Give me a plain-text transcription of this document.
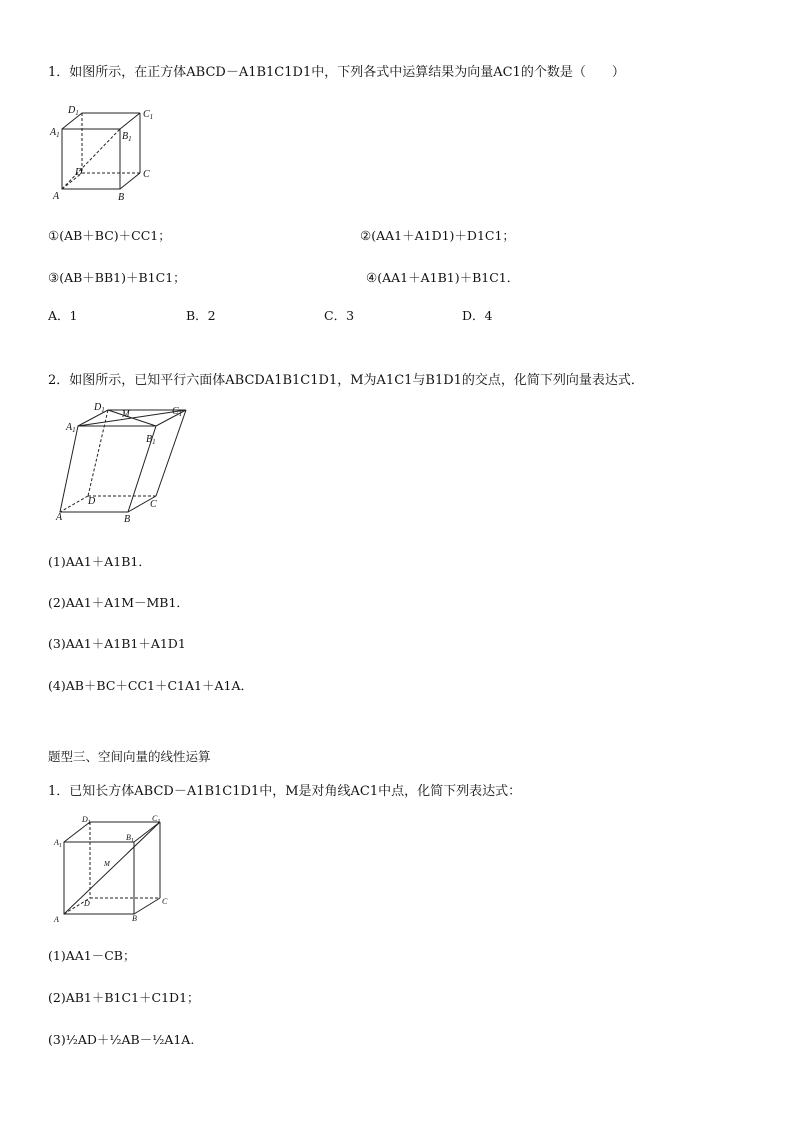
1．如图所示，在正方体ABCD－A1B1C1D1中，下列各式中运算结果为向量AC1的个数是（　　）
$D_1$	$C_1$
$A_1$	$B_1$
D	C
A	B
①(AB＋BC)＋CC1；	②(AA1＋A1D1)＋D1C1；
③(AB＋BB1)＋B1C1；	④(AA1＋A1B1)＋B1C1．
A．1	B．2	C．3	D．4
2．如图所示，已知平行六面体ABCDA1B1C1D1，M为A1C1与B1D1的交点，化简下列向量表达式．
$D_1$ M	$C_1$
$A_1$
$B_1$
D	C
A	B
(1)AA1＋A1B1．
(2)AA1＋A1M－MB1．
(3)AA1＋A1B1＋A1D1
(4)AB＋BC＋CC1＋C1A1＋A1A．
题型三、空间向量的线性运算
1．已知长方体ABCD－A1B1C1D1中，M是对角线AC1中点，化简下列表达式：
$D_1$	$C_1$
$A_1$
$B_1$
M
D	C
A	B
(1)AA1－CB；
(2)AB1＋B1C1＋C1D1；
(3)½AD＋½AB－½A1A.
